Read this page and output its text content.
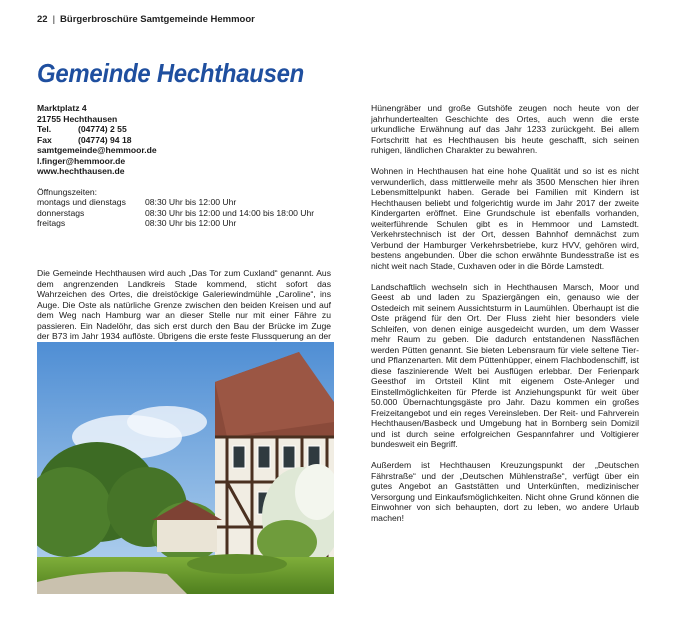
22 | Bürgerbroschüre Samtgemeinde Hemmoor
Gemeinde Hechthausen
Marktplatz 4
21755 Hechthausen
Tel.	(04774) 2 55
Fax	(04774) 94 18
samtgemeinde@hemmoor.de
l.finger@hemmoor.de
www.hechthausen.de
Öffnungszeiten:
montags und dienstags	08:30 Uhr bis 12:00 Uhr
donnerstags	08:30 Uhr bis 12:00 und 14:00 bis 18:00 Uhr
freitags	08:30 Uhr bis 12:00 Uhr

Die Gemeinde Hechthausen wird auch „Das Tor zum Cuxland“ genannt. Aus dem angrenzenden Landkreis Stade kommend, sticht sofort das Wahrzeichen des Ortes, die dreistöckige Galeriewindmühle „Caroline“, ins Auge. Die Oste als natürliche Grenze zwischen den beiden Kreisen und auf dem Weg nach Hamburg war an dieser Stelle nur mit einer Fähre zu passieren. Ein Nadelöhr, das sich erst durch den Bau der Brücke im Zuge der B73 im Jahr 1934 auflöste. Übrigens die erste feste Flussquerung an der

Hünengräber und große Gutshöfe zeugen noch heute von der jahrhundertealten Geschichte des Ortes, auch wenn die erste urkundliche Erwähnung auf das Jahr 1233 zurückgeht. Bei allem Fortschritt hat es Hechthausen bis heute geschafft, sich seinen ruhigen, ländlichen Charakter zu bewahren.

Wohnen in Hechthausen hat eine hohe Qualität und so ist es nicht verwunderlich, dass mittlerweile mehr als 3500 Menschen hier ihren Lebensmittelpunkt haben. Gerade bei Familien mit Kindern ist Hechthausen beliebt und folgerichtig wurde im Jahr 2017 der zweite Kindergarten eröffnet. Eine Grundschule ist ebenfalls vorhanden, weiterführende Schulen gibt es in Hemmoor und Lamstedt. Verkehrstechnisch ist der Ort, dessen Bahnhof demnächst zum Verbund der Hamburger Verkehrsbetriebe, kurz HVV, gehören wird, bestens angebunden. Über die schon erwähnte Bundesstraße ist es nicht weit nach Stade, Cuxhaven oder in die Börde Lamstedt.

Landschaftlich wechseln sich in Hechthausen Marsch, Moor und Geest ab und laden zu Spaziergängen ein, genauso wie der Ostedeich mit seinem Aussichtsturm in Laumühlen. Überhaupt ist die Oste prägend für den Ort. Der Fluss zieht hier besonders viele Schleifen, von denen einige ausgedeicht wurden, um dem Wasser mehr Raum zu geben. Die dadurch entstandenen Nassflächen werden Pütten genannt. Sie bieten Lebensraum für viele seltene Tier- und Pflanzenarten. Mit dem Püttenhüpper, einem Flachbodenschiff, ist diese faszinierende Welt bei Ausflügen erlebbar. Der Ferienpark Geesthof im Ortsteil Klint mit eigenem Oste-Anleger und Einstellmöglichkeiten für Pferde ist Anziehungspunkt für weit über 50.000 Übernachtungsgäste pro Jahr. Dazu kommen ein großes Freizeitangebot und ein reges Vereinsleben. Der Reit- und Fahrverein Hechthausen/Basbeck und Umgebung hat in Bornberg sein Domizil und ist durch seine erfolgreichen Gespannfahrer und Voltigierer bundesweit ein Begriff.

Außerdem ist Hechthausen Kreuzungspunkt der „Deutschen Fährstraße“ und der „Deutschen Mühlenstraße“, verfügt über ein gutes Angebot an Gaststätten und Unterkünften, medizinischer Versorgung und Einkaufsmöglichkeiten. Nicht ohne Grund können die Einwohner von sich behaupten, dort zu leben, wo andere Urlaub machen!
